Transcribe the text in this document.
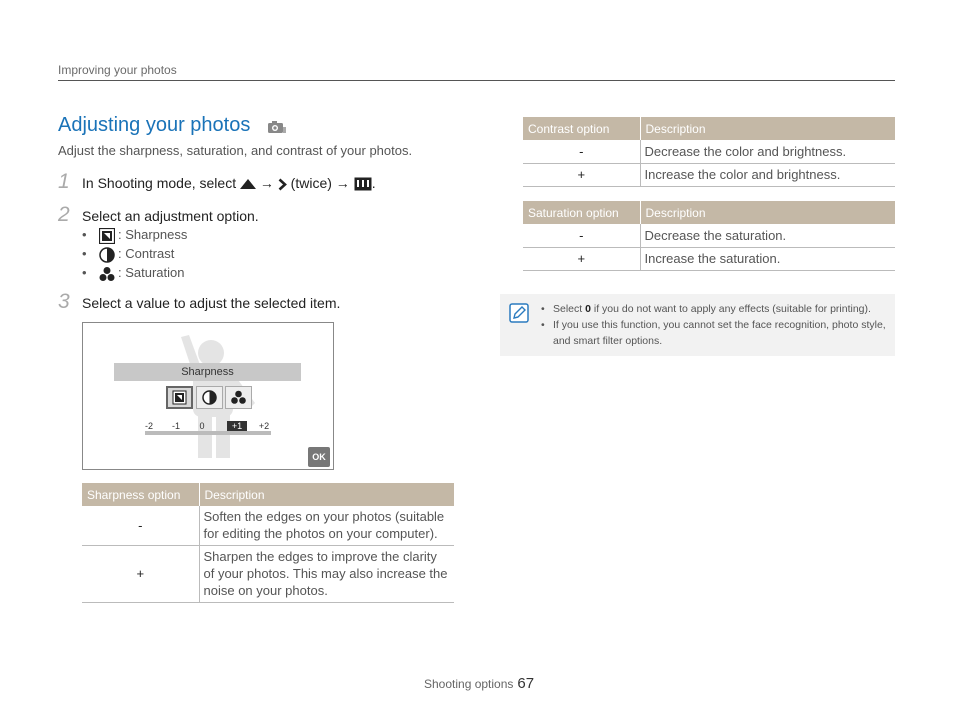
Improving your photos
Adjusting your photos
Adjust the sharpness, saturation, and contrast of your photos.
1 In Shooting mode, select → (twice) → .
2 Select an adjustment option.
• : Sharpness
• : Contrast
• : Saturation
3 Select a value to adjust the selected item.
Sharpness
-2	-1	0	+1	+2
OK
Sharpness option	Description
-	Soften the edges on your photos (suitable for editing the photos on your computer).
+	Sharpen the edges to improve the clarity of your photos. This may also increase the noise on your photos.
Contrast option	Description
-	Decrease the color and brightness.
+	Increase the color and brightness.
Saturation option	Description
-	Decrease the saturation.
+	Increase the saturation.
• Select 0 if you do not want to apply any effects (suitable for printing).
• If you use this function, you cannot set the face recognition, photo style, and smart filter options.
Shooting options 67
